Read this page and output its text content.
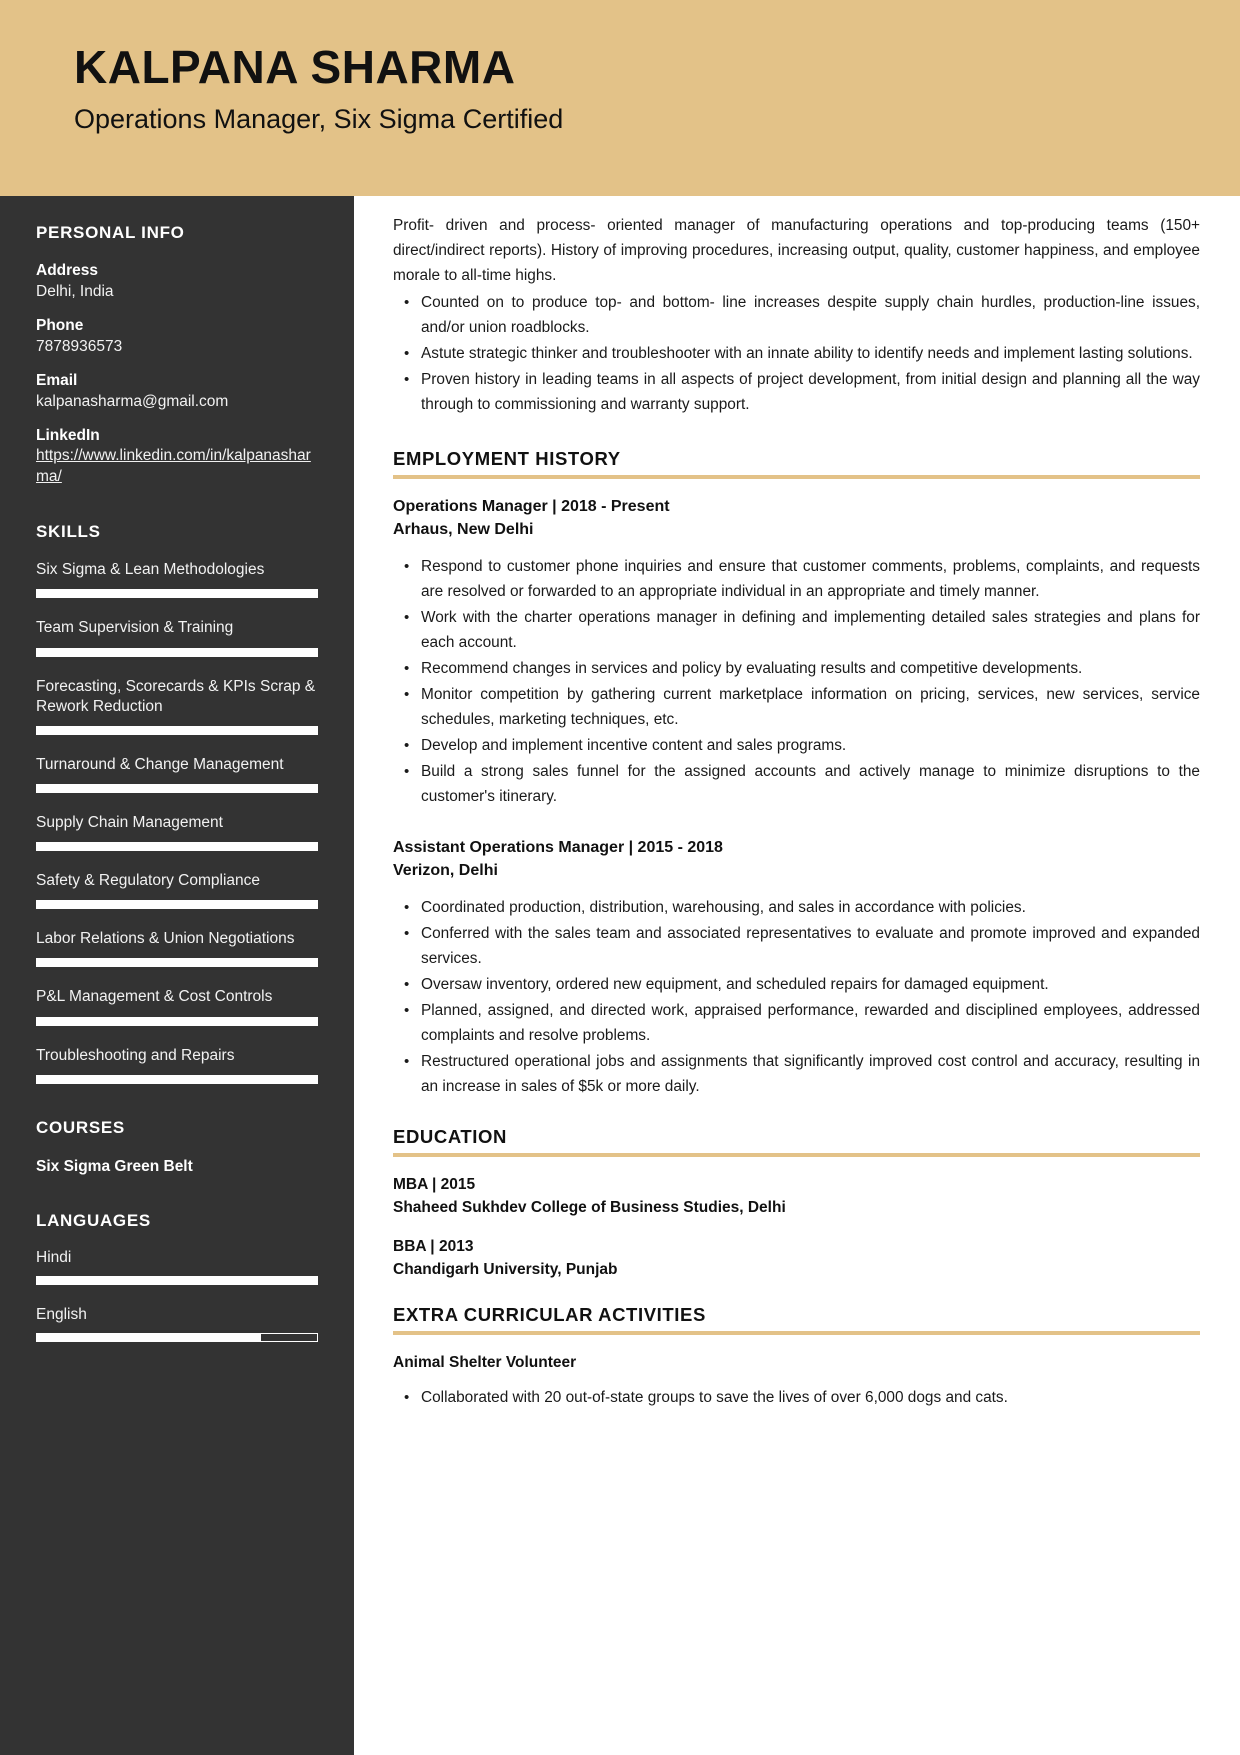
KALPANA SHARMA
Operations Manager, Six Sigma Certified
PERSONAL INFO
Address
Delhi, India
Phone
7878936573
Email
kalpanasharma@gmail.com
LinkedIn
https://www.linkedin.com/in/kalpanasharma/
SKILLS
Six Sigma & Lean Methodologies
Team Supervision & Training
Forecasting, Scorecards & KPIs Scrap & Rework Reduction
Turnaround & Change Management
Supply Chain Management
Safety & Regulatory Compliance
Labor Relations & Union Negotiations
P&L Management & Cost Controls
Troubleshooting and Repairs
COURSES
Six Sigma Green Belt
LANGUAGES
Hindi
English

Profit- driven and process- oriented manager of manufacturing operations and top-producing teams (150+ direct/indirect reports). History of improving procedures, increasing output, quality, customer happiness, and employee morale to all-time highs.

• Counted on to produce top- and bottom- line increases despite supply chain hurdles, production-line issues, and/or union roadblocks.
• Astute strategic thinker and troubleshooter with an innate ability to identify needs and implement lasting solutions.
• Proven history in leading teams in all aspects of project development, from initial design and planning all the way through to commissioning and warranty support.
EMPLOYMENT HISTORY
Operations Manager | 2018 - Present
Arhaus, New Delhi
• Respond to customer phone inquiries and ensure that customer comments, problems, complaints, and requests are resolved or forwarded to an appropriate individual in an appropriate and timely manner.
• Work with the charter operations manager in defining and implementing detailed sales strategies and plans for each account.
• Recommend changes in services and policy by evaluating results and competitive developments.
• Monitor competition by gathering current marketplace information on pricing, services, new services, service schedules, marketing techniques, etc.
• Develop and implement incentive content and sales programs.
• Build a strong sales funnel for the assigned accounts and actively manage to minimize disruptions to the customer's itinerary.
Assistant Operations Manager | 2015 - 2018
Verizon, Delhi
• Coordinated production, distribution, warehousing, and sales in accordance with policies.
• Conferred with the sales team and associated representatives to evaluate and promote improved and expanded services.
• Oversaw inventory, ordered new equipment, and scheduled repairs for damaged equipment.
• Planned, assigned, and directed work, appraised performance, rewarded and disciplined employees, addressed complaints and resolve problems.
• Restructured operational jobs and assignments that significantly improved cost control and accuracy, resulting in an increase in sales of $5k or more daily.
EDUCATION
MBA | 2015
Shaheed Sukhdev College of Business Studies, Delhi
BBA | 2013
Chandigarh University, Punjab
EXTRA CURRICULAR ACTIVITIES
Animal Shelter Volunteer
• Collaborated with 20 out-of-state groups to save the lives of over 6,000 dogs and cats.
